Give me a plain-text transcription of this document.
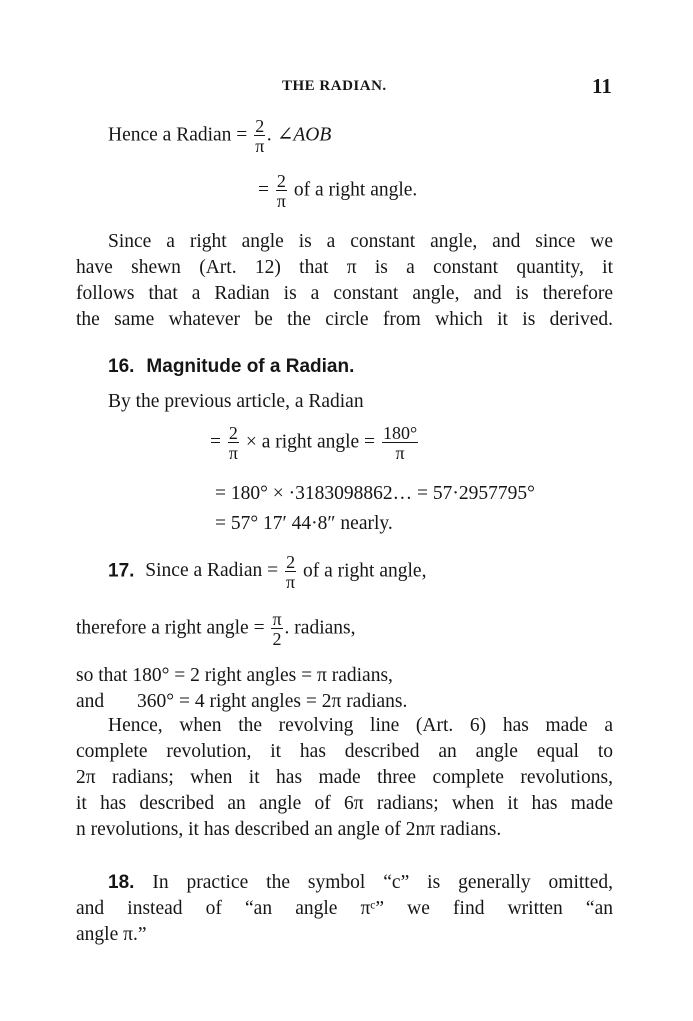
THE RADIAN.	11
Hence a Radian = $\frac{2}{\pi}$ . ∠AOB
= $\frac{2}{\pi}$ of a right angle.
Since a right angle is a constant angle, and since we
have shewn (Art. 12) that π is a constant quantity, it
follows that a Radian is a constant angle, and is therefore
the same whatever be the circle from which it is derived.
16. Magnitude of a Radian.
By the previous article, a Radian
= $\frac{2}{\pi} \times a$ right angle = $\frac{180^\circ}{\pi}$
= 180° × ·3183098862… = 57·2957795°
= 57° 17′ 44·8″ nearly.
17. Since a Radian = $\frac{2}{\pi}$ of a right angle,
therefore a right angle = $\frac{\pi}{2}$ . radians,
so that 180° = 2 right angles = π radians,
and 360° = 4 right angles = 2π radians.
Hence, when the revolving line (Art. 6) has made a
complete revolution, it has described an angle equal to
2π radians; when it has made three complete revolutions,
it has described an angle of 6π radians; when it has made
n revolutions, it has described an angle of 2nπ radians.
18. In practice the symbol “c” is generally omitted,
and instead of “an angle πᶜ” we find written “an
angle π.”
